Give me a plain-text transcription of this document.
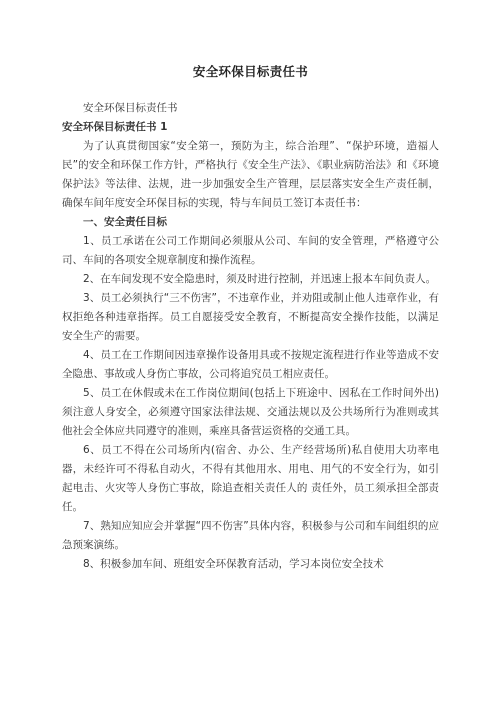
安全环保目标责任书

安全环保目标责任书

安全环保目标责任书 1

为了认真贯彻国家“安全第一，预防为主，综合治理”、“保护环境，造福人民”的安全和环保工作方针，严格执行《安全生产法》、《职业病防治法》和《环境保护法》等法律、法规，进一步加强安全生产管理，层层落实安全生产责任制，确保车间年度安全环保目标的实现，特与车间员工签订本责任书：

一、安全责任目标

1、员工承诺在公司工作期间必须服从公司、车间的安全管理，严格遵守公司、车间的各项安全规章制度和操作流程。

2、在车间发现不安全隐患时，须及时进行控制，并迅速上报本车间负责人。

3、员工必须执行“三不伤害”，不违章作业，并劝阻或制止他人违章作业，有权拒绝各种违章指挥。员工自愿接受安全教育，不断提高安全操作技能，以满足安全生产的需要。

4、员工在工作期间因违章操作设备用具或不按规定流程进行作业等造成不安全隐患、事故或人身伤亡事故，公司将追究员工相应责任。

5、员工在休假或未在工作岗位期间(包括上下班途中、因私在工作时间外出)须注意人身安全，必须遵守国家法律法规、交通法规以及公共场所行为准则或其他社会全体应共同遵守的准则，乘座具备营运资格的交通工具。

6、员工不得在公司场所内(宿舍、办公、生产经营场所)私自使用大功率电器，未经许可不得私自动火，不得有其他用水、用电、用气的不安全行为，如引起电击、火灾等人身伤亡事故，除追查相关责任人的 责任外，员工须承担全部责任。

7、熟知应知应会并掌握“四不伤害”具体内容，积极参与公司和车间组织的应急预案演练。

8、积极参加车间、班组安全环保教育活动，学习本岗位安全技术
